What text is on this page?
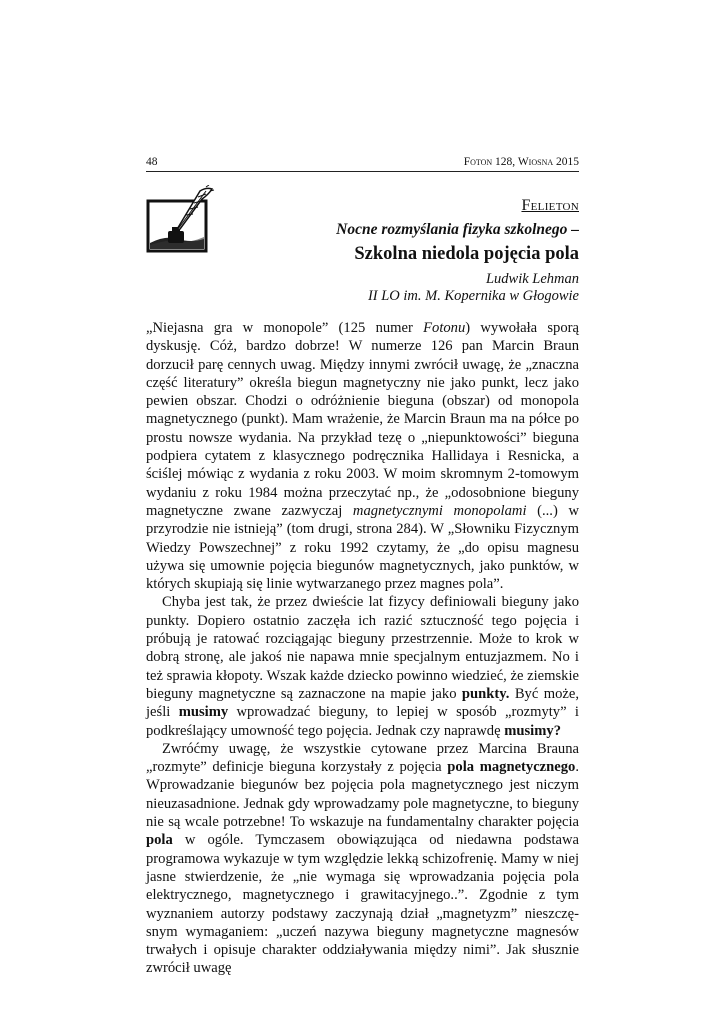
48	Foton 128, Wiosna 2015
Felieton
Nocne rozmyślania fizyka szkolnego –
Szkolna niedola pojęcia pola
Ludwik Lehman
II LO im. M. Kopernika w Głogowie

„Niejasna gra w monopole” (125 numer Fotonu) wywołała sporą dyskusję. Cóż, bardzo dobrze! W numerze 126 pan Marcin Braun dorzucił parę cennych uwag. Między innymi zwrócił uwagę, że „znaczna część literatury” określa biegun magnetyczny nie jako punkt, lecz jako pewien obszar. Chodzi o odróżnienie bieguna (obszar) od monopola magnetycznego (punkt). Mam wrażenie, że Marcin Braun ma na półce po prostu nowsze wydania. Na przykład tezę o „niepunktowości” bieguna podpiera cytatem z klasycznego podręcznika Hallidaya i Resnicka, a ściślej mówiąc z wydania z roku 2003. W moim skromnym 2-tomowym wydaniu z roku 1984 można przeczytać np., że „odosobnione bieguny magnetyczne zwane zazwyczaj magnetycznymi monopolami (...) w przyrodzie nie istnieją” (tom drugi, strona 284). W „Słowniku Fizycznym Wiedzy Powszechnej” z roku 1992 czytamy, że „do opisu magnesu używa się umownie pojęcia biegunów magnetycznych, jako punktów, w których skupiają się linie wytwarzanego przez magnes pola”.

Chyba jest tak, że przez dwieście lat fizycy definiowali bieguny jako punkty. Dopiero ostatnio zaczęła ich razić sztuczność tego pojęcia i próbują je ratować rozciągając bieguny przestrzennie. Może to krok w dobrą stronę, ale jakoś nie napawa mnie specjalnym entuzjazmem. No i też sprawia kłopoty. Wszak każde dziecko powinno wiedzieć, że ziemskie bieguny magnetyczne są zaznaczone na mapie jako punkty. Być może, jeśli musimy wprowadzać bieguny, to lepiej w sposób „rozmyty” i podkreślający umowność tego pojęcia. Jednak czy naprawdę musimy?

Zwróćmy uwagę, że wszystkie cytowane przez Marcina Brauna „rozmyte” definicje bieguna korzystały z pojęcia pola magnetycznego. Wprowadzanie biegunów bez pojęcia pola magnetycznego jest niczym nieuzasadnione. Jednak gdy wprowadzamy pole magnetyczne, to bieguny nie są wcale potrzebne! To wskazuje na fundamentalny charakter pojęcia pola w ogóle. Tymczasem obowiązująca od niedawna podstawa programowa wykazuje w tym względzie lekką schizofrenię. Mamy w niej jasne stwierdzenie, że „nie wymaga się wprowadzania pojęcia pola elektrycznego, magnetycznego i grawitacyjnego..”. Zgodnie z tym wyznaniem autorzy podstawy zaczynają dział „magnetyzm” nieszczęsnym wymaganiem: „uczeń nazywa bieguny magnetyczne magnesów trwałych i opisuje charakter oddziaływania między nimi”. Jak słusznie zwrócił uwagę
